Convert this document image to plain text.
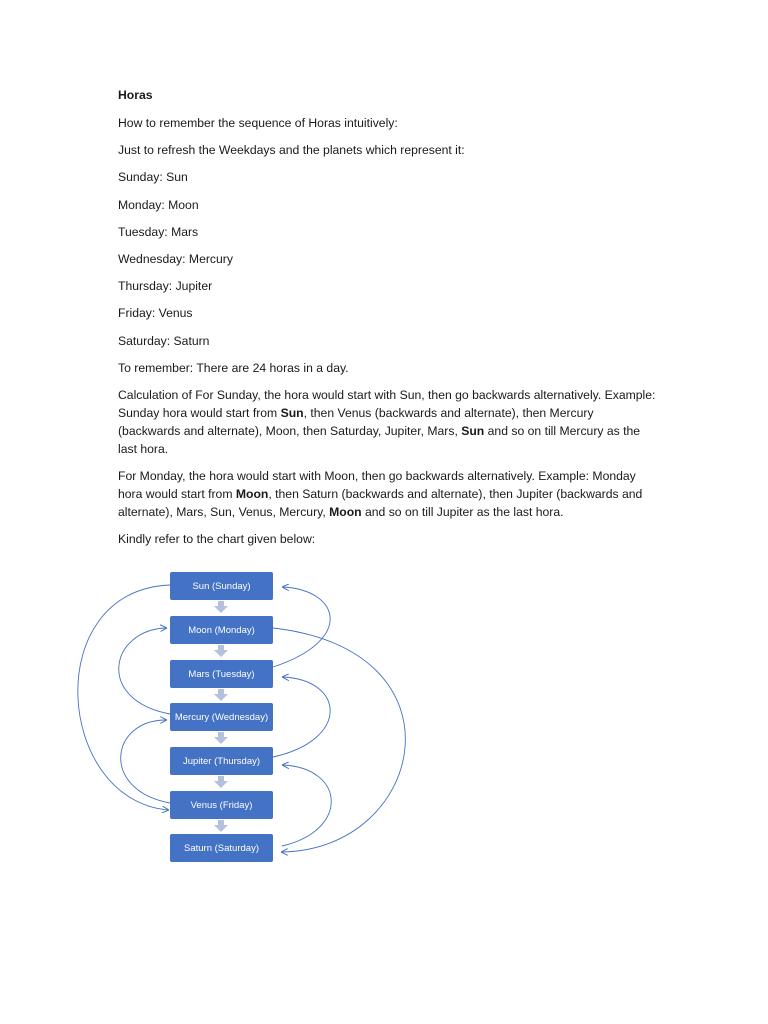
Horas

How to remember the sequence of Horas intuitively:

Just to refresh the Weekdays and the planets which represent it:

Sunday: Sun

Monday: Moon

Tuesday: Mars

Wednesday: Mercury

Thursday: Jupiter

Friday: Venus

Saturday: Saturn

To remember: There are 24 horas in a day.

Calculation of For Sunday, the hora would start with Sun, then go backwards alternatively. Example: Sunday hora would start from Sun, then Venus (backwards and alternate), then Mercury (backwards and alternate), Moon, then Saturday, Jupiter, Mars, Sun and so on till Mercury as the last hora.

For Monday, the hora would start with Moon, then go backwards alternatively. Example: Monday hora would start from Moon, then Saturn (backwards and alternate), then Jupiter (backwards and alternate), Mars, Sun, Venus, Mercury, Moon and so on till Jupiter as the last hora.

Kindly refer to the chart given below:

Sun (Sunday)
Moon (Monday)
Mars (Tuesday)
Mercury (Wednesday)
Jupiter (Thursday)
Venus (Friday)
Saturn (Saturday)
